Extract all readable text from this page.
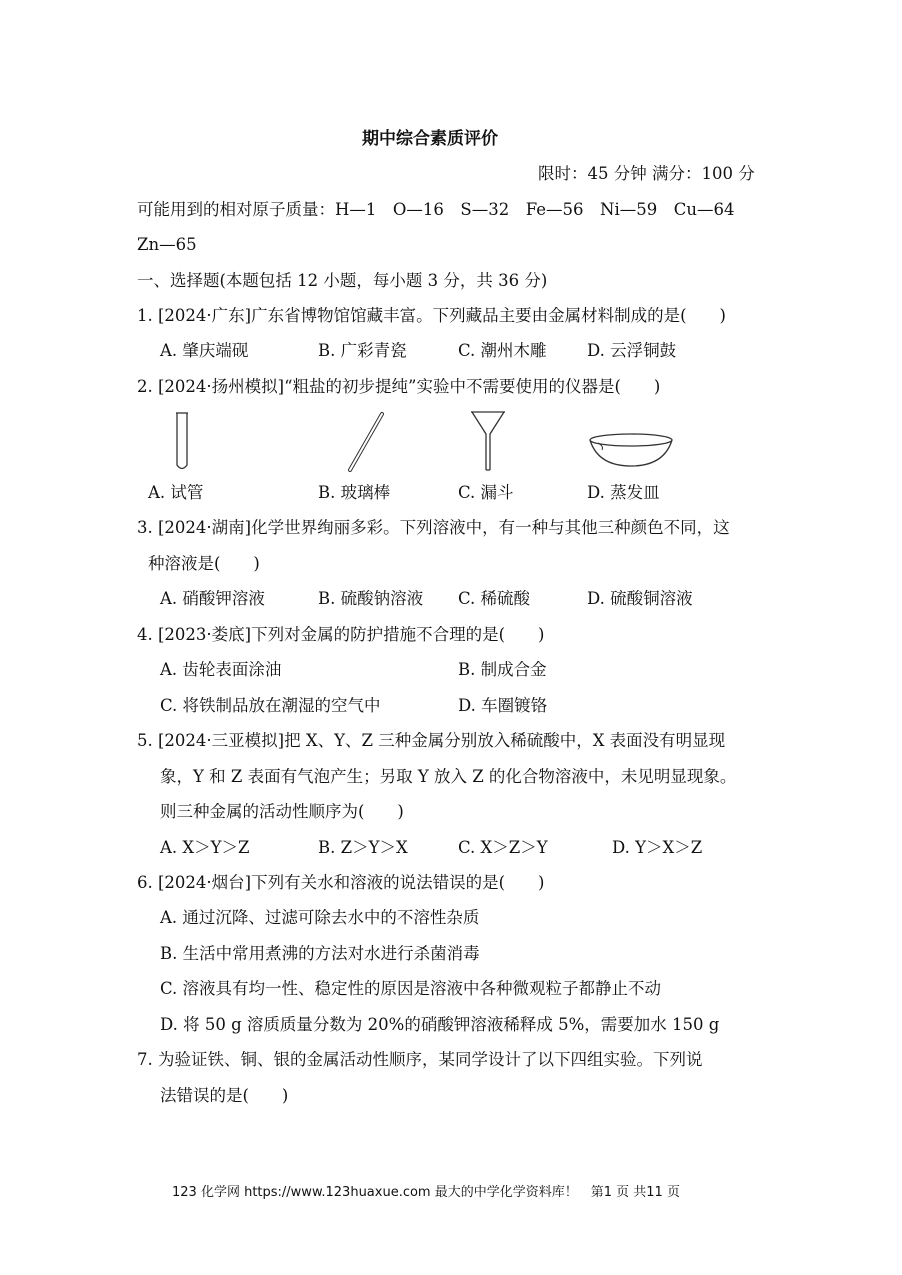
期中综合素质评价
限时：45 分钟 满分：100 分
可能用到的相对原子质量：H—1　O—16　S—32　Fe—56　Ni—59　Cu—64
Zn—65
一、选择题(本题包括 12 小题，每小题 3 分，共 36 分)
1. [2024·广东]广东省博物馆馆藏丰富。下列藏品主要由金属材料制成的是(　　)
A. 肇庆端砚	B. 广彩青瓷	C. 潮州木雕 D. 云浮铜鼓
2. [2024·扬州模拟]“粗盐的初步提纯”实验中不需要使用的仪器是(　　)
A. 试管	B. 玻璃棒	C. 漏斗	D. 蒸发皿
3. [2024·湖南]化学世界绚丽多彩。下列溶液中，有一种与其他三种颜色不同，这
种溶液是(　　)
A. 硝酸钾溶液	B. 硫酸钠溶液 C. 稀硫酸	D. 硫酸铜溶液
4. [2023·娄底]下列对金属的防护措施不合理的是(　　)
A. 齿轮表面涂油	B. 制成合金
C. 将铁制品放在潮湿的空气中	D. 车圈镀铬
5. [2024·三亚模拟]把 X、Y、Z 三种金属分别放入稀硫酸中，X 表面没有明显现
象，Y 和 Z 表面有气泡产生；另取 Y 放入 Z 的化合物溶液中，未见明显现象。
则三种金属的活动性顺序为(　　)
A. X＞Y＞Z	B. Z＞Y＞X	C. X＞Z＞Y	D. Y＞X＞Z
6. [2024·烟台]下列有关水和溶液的说法错误的是(　　)
A. 通过沉降、过滤可除去水中的不溶性杂质
B. 生活中常用煮沸的方法对水进行杀菌消毒
C. 溶液具有均一性、稳定性的原因是溶液中各种微观粒子都静止不动
D. 将 50 g 溶质质量分数为 20%的硝酸钾溶液稀释成 5%，需要加水 150 g
7. 为验证铁、铜、银的金属活动性顺序，某同学设计了以下四组实验。下列说
法错误的是(　　)
123 化学网 https://www.123huaxue.com 最大的中学化学资料库！　第1 页 共11 页
